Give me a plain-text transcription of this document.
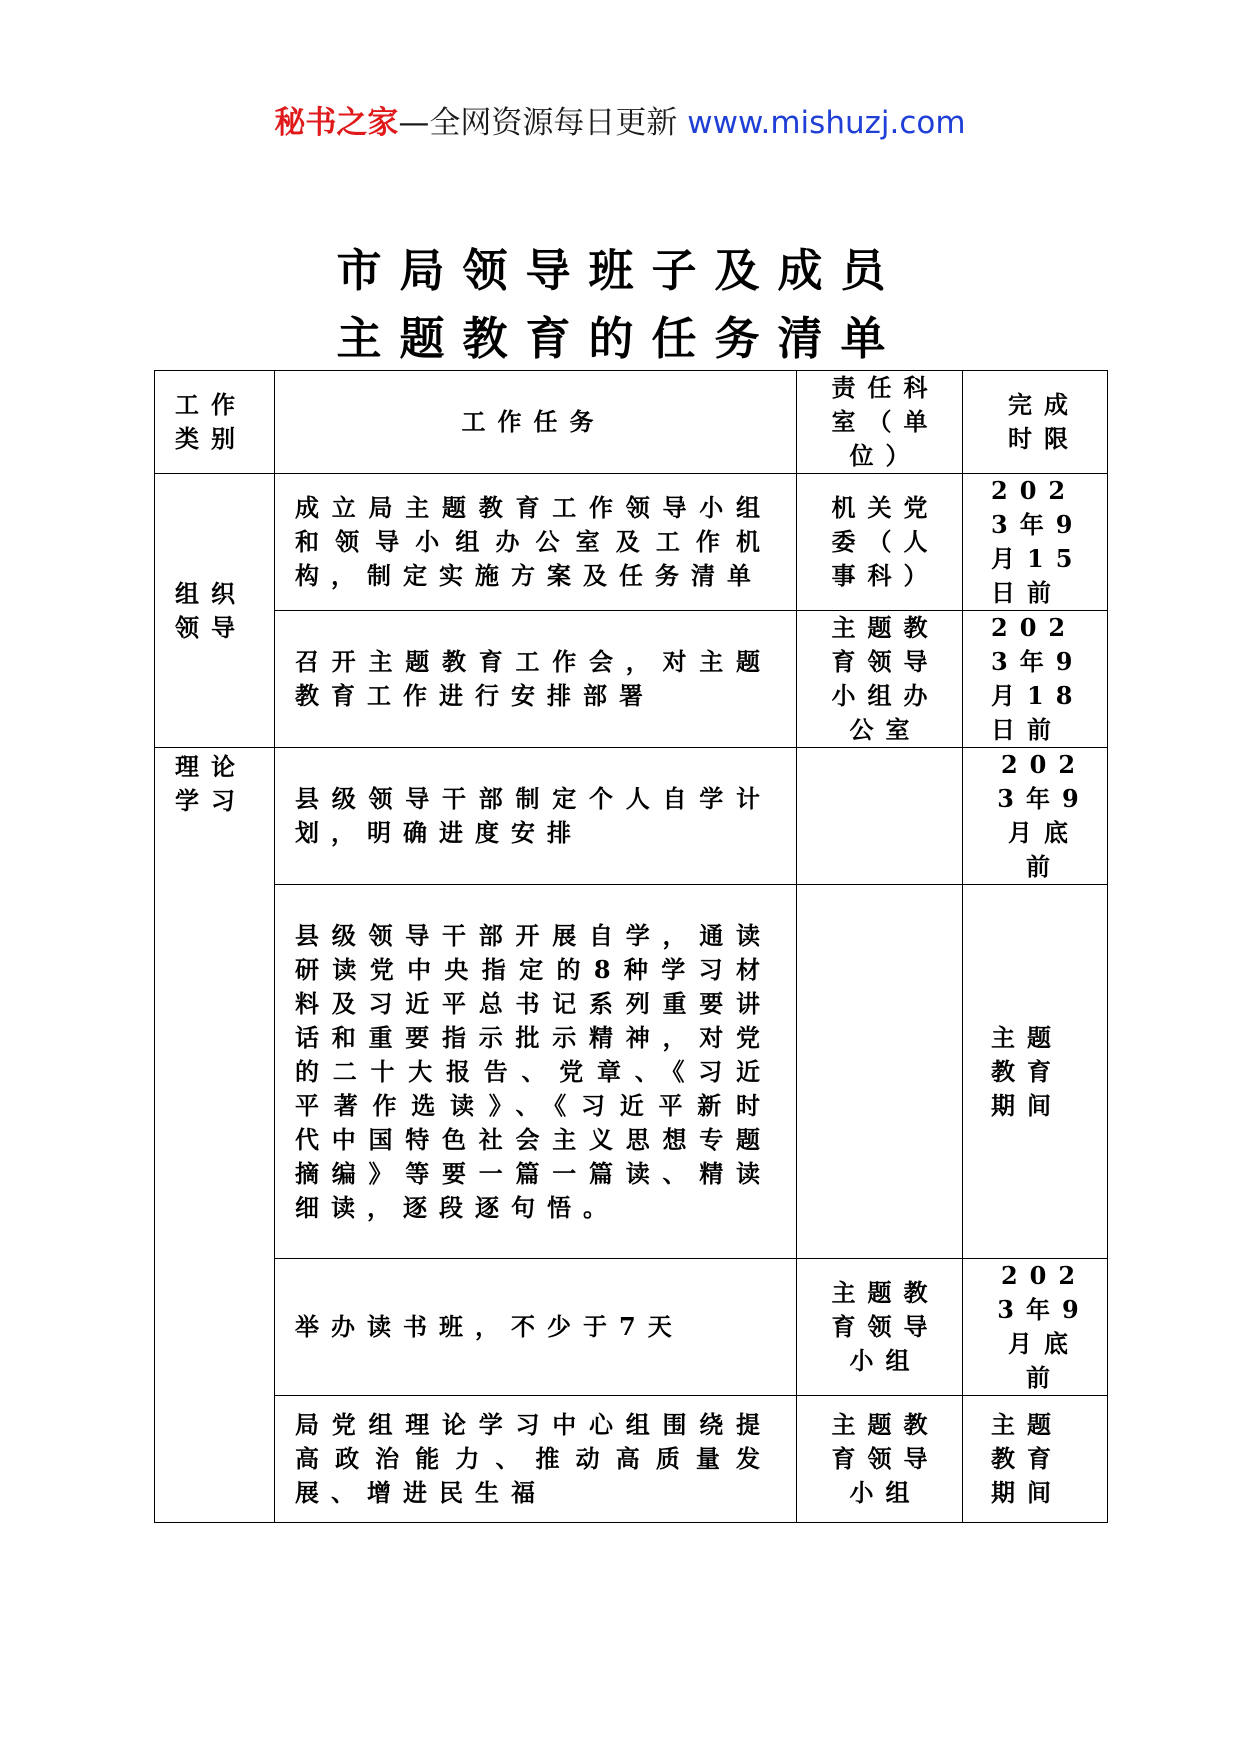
秘书之家—全网资源每日更新 www.mishuzj.com
市局领导班子及成员
主题教育的任务清单
工作类别	工作任务	责任科室（单位）	完成时限
组织领导	成立局主题教育工作领导小组和领导小组办公室及工作机构，制定实施方案及任务清单	机关党委（人事科）	2023年9月15日前
	召开主题教育工作会，对主题教育工作进行安排部署	主题教育领导小组办公室	2023年9月18日前
理论学习	县级领导干部制定个人自学计划，明确进度安排		2023年9月底前
	县级领导干部开展自学，通读研读党中央指定的8种学习材料及习近平总书记系列重要讲话和重要指示批示精神，对党的二十大报告、党章、《习近平著作选读》、《习近平新时代中国特色社会主义思想专题摘编》等要一篇一篇读、精读细读，逐段逐句悟。		主题教育期间
	举办读书班，不少于7天	主题教育领导小组	2023年9月底前
	局党组理论学习中心组围绕提高政治能力、推动高质量发展、增进民生福	主题教育领导小组	主题教育期间
